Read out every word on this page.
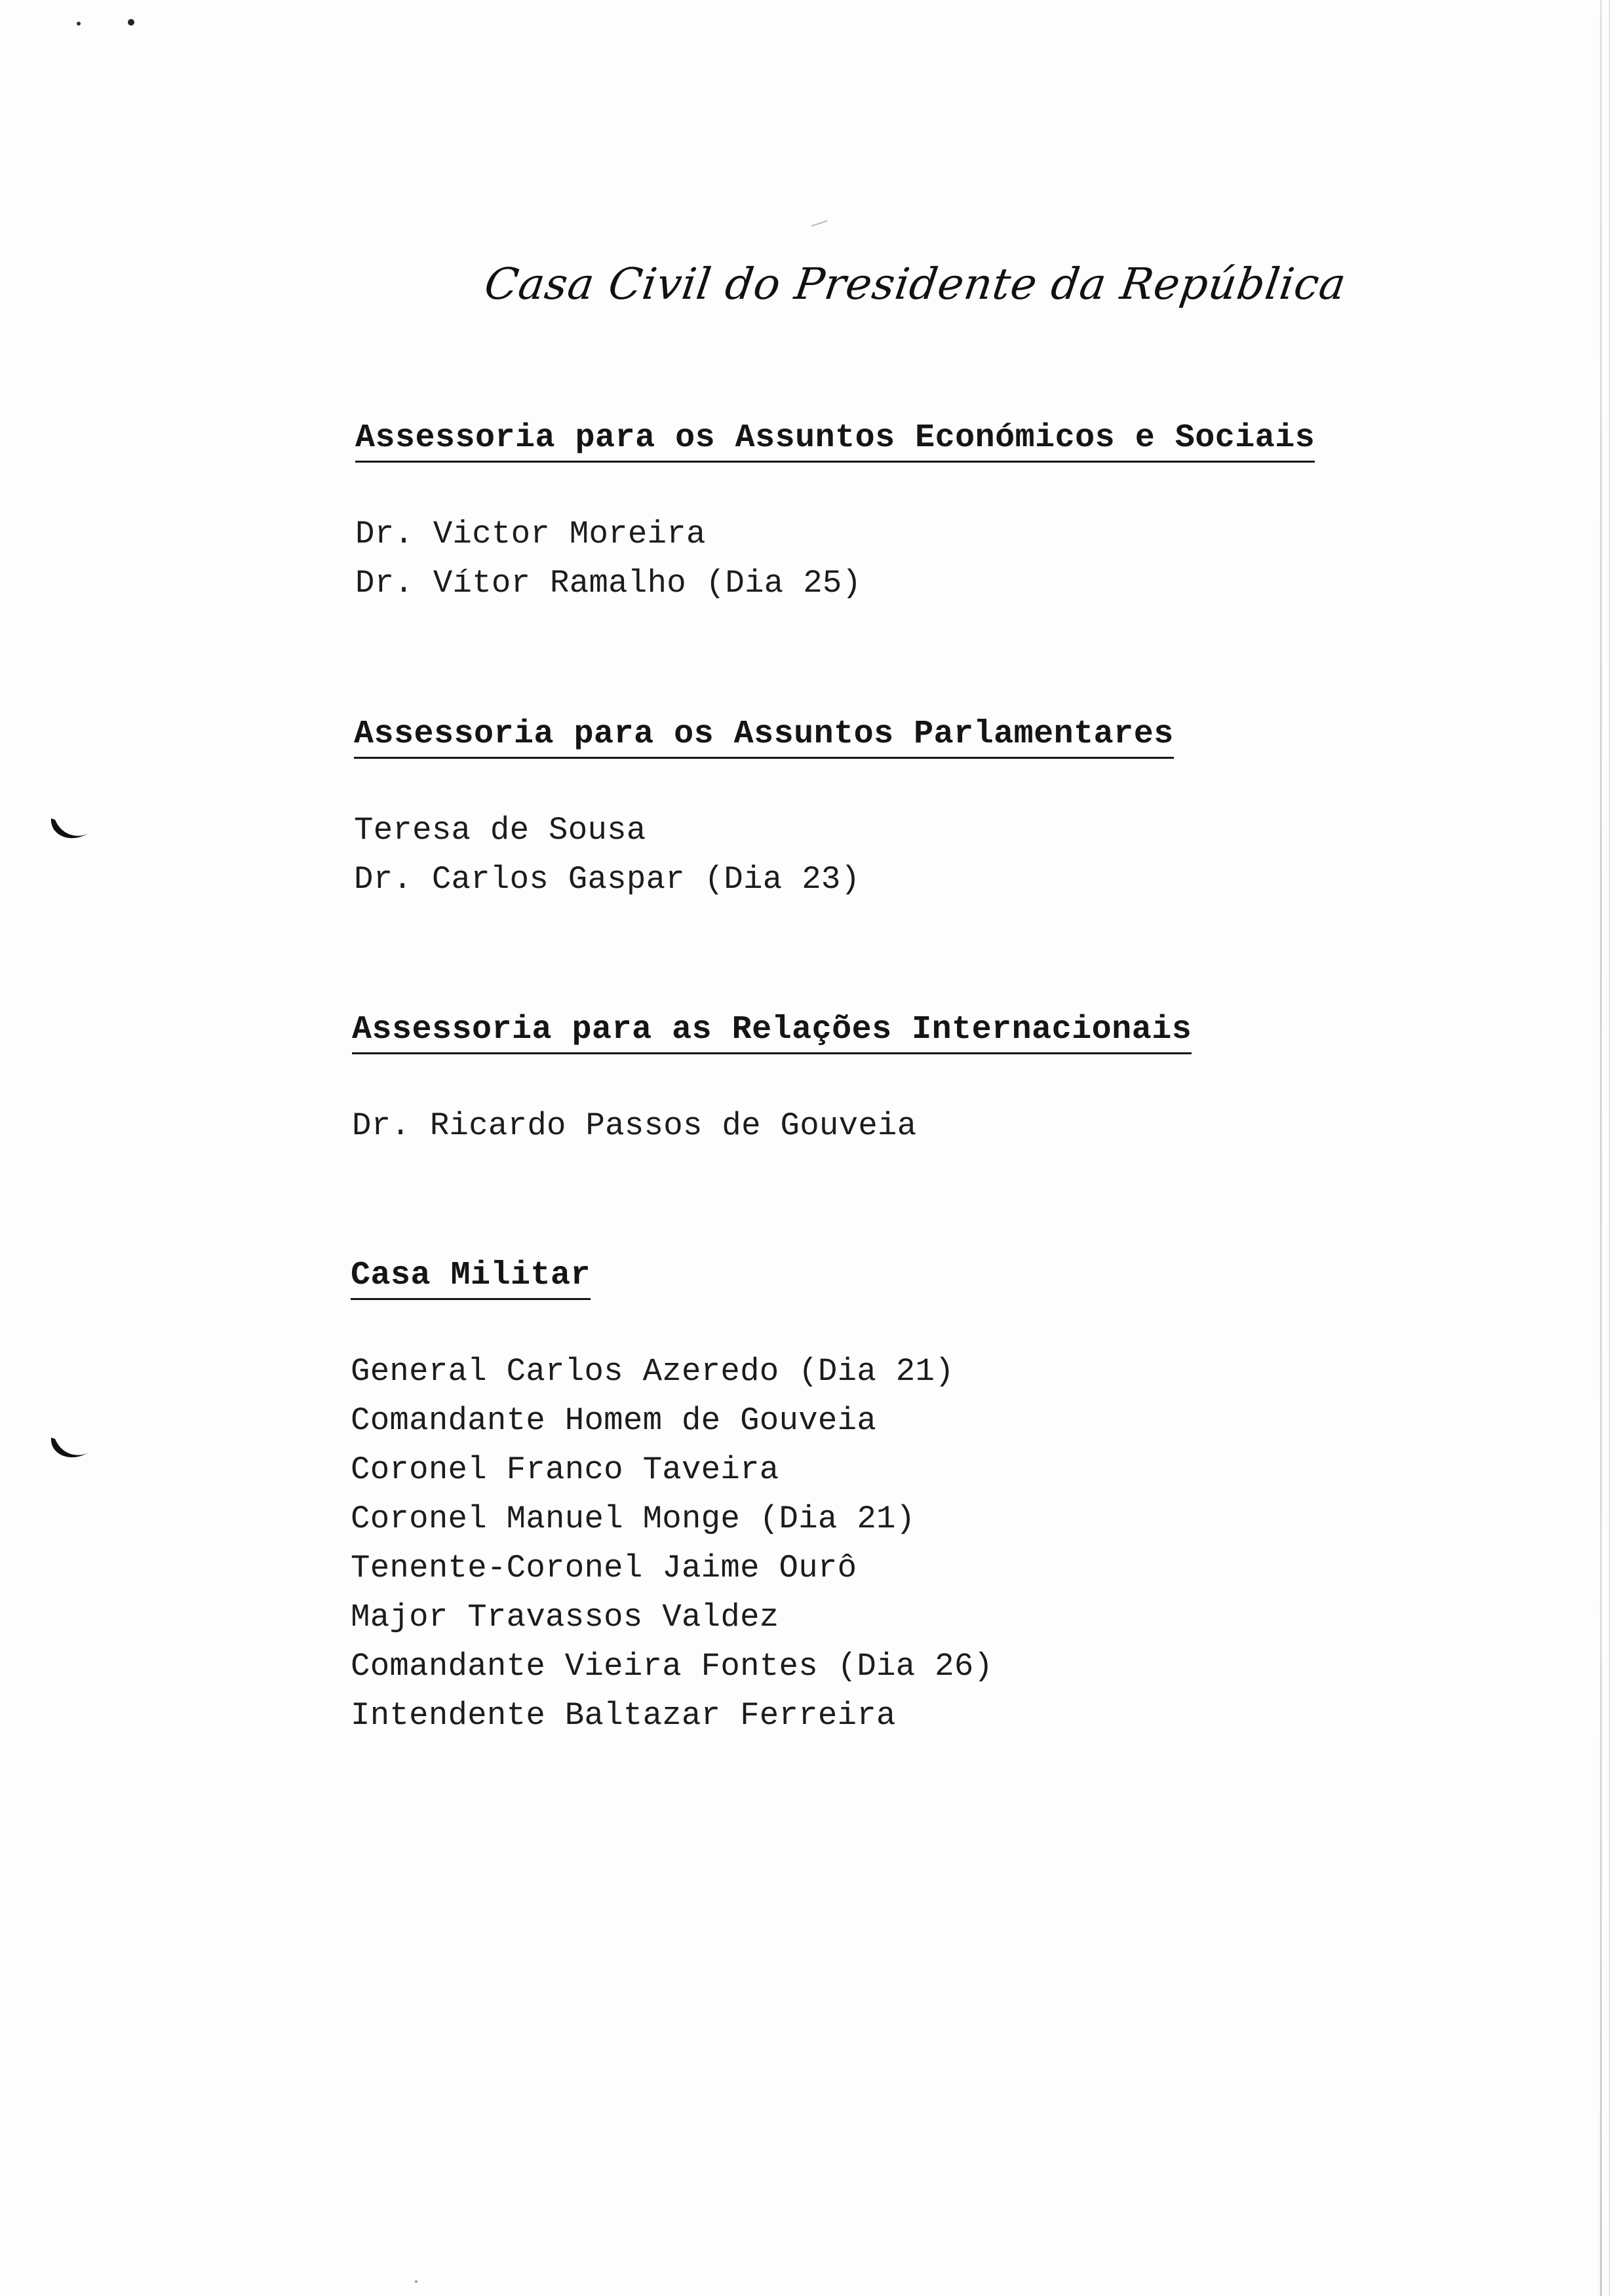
Casa Civil do Presidente da República
Assessoria para os Assuntos Económicos e Sociais
Dr. Victor Moreira
Dr. Vítor Ramalho (Dia 25)
Assessoria para os Assuntos Parlamentares
Teresa de Sousa
Dr. Carlos Gaspar (Dia 23)
Assessoria para as Relações Internacionais
Dr. Ricardo Passos de Gouveia
Casa Militar
General Carlos Azeredo (Dia 21)
Comandante Homem de Gouveia
Coronel Franco Taveira
Coronel Manuel Monge (Dia 21)
Tenente-Coronel Jaime Ourô
Major Travassos Valdez
Comandante Vieira Fontes (Dia 26)
Intendente Baltazar Ferreira
